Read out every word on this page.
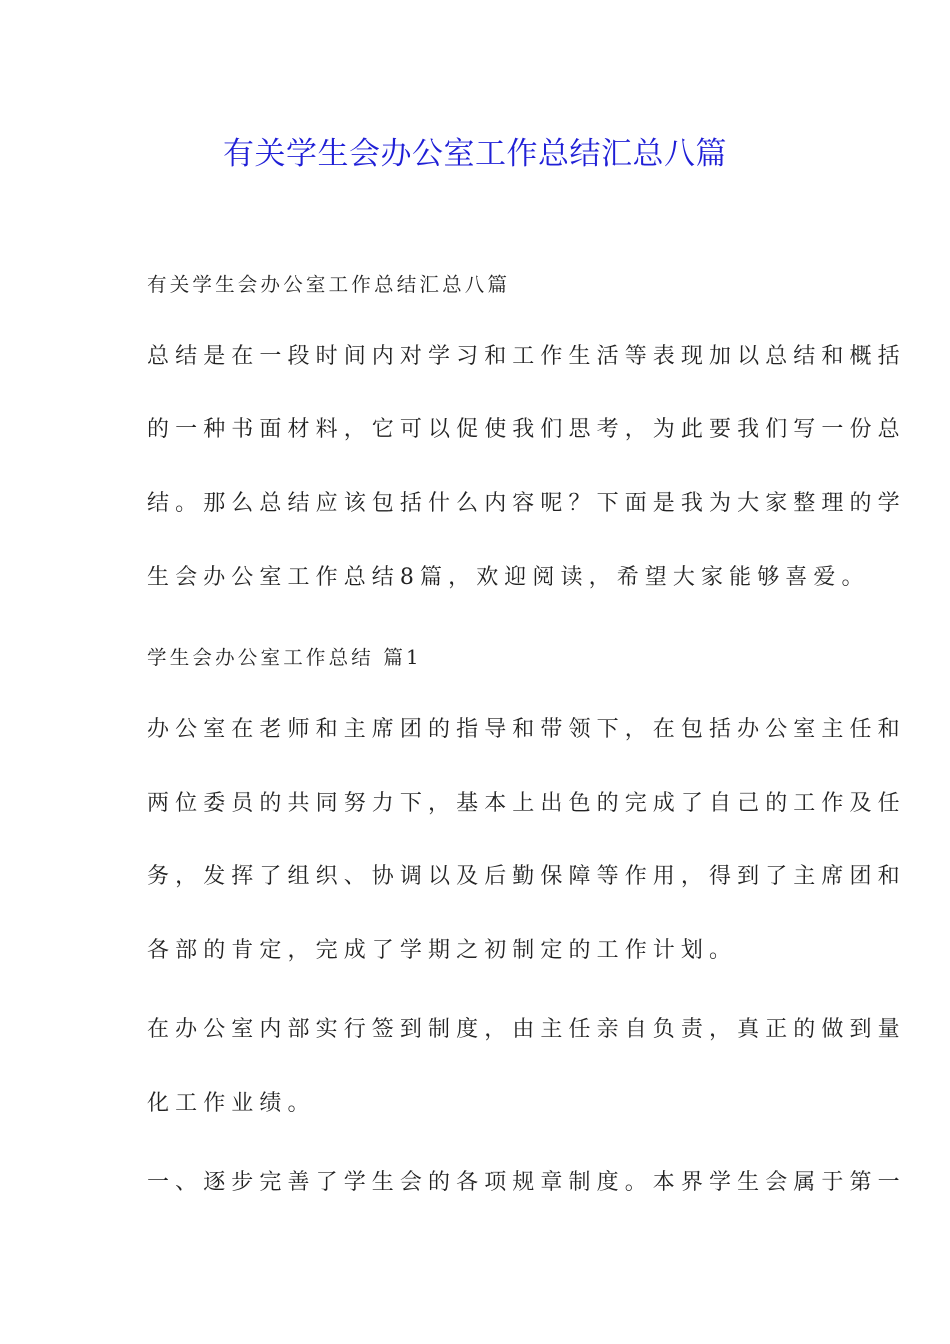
有关学生会办公室工作总结汇总八篇
有关学生会办公室工作总结汇总八篇
总结是在一段时间内对学习和工作生活等表现加以总结和概括
的一种书面材料，它可以促使我们思考，为此要我们写一份总
结。那么总结应该包括什么内容呢？下面是我为大家整理的学
生会办公室工作总结8篇，欢迎阅读，希望大家能够喜爱。
学生会办公室工作总结 篇1
办公室在老师和主席团的指导和带领下，在包括办公室主任和
两位委员的共同努力下，基本上出色的完成了自己的工作及任
务，发挥了组织、协调以及后勤保障等作用，得到了主席团和
各部的肯定，完成了学期之初制定的工作计划。
在办公室内部实行签到制度，由主任亲自负责，真正的做到量
化工作业绩。
一、逐步完善了学生会的各项规章制度。本界学生会属于第一
